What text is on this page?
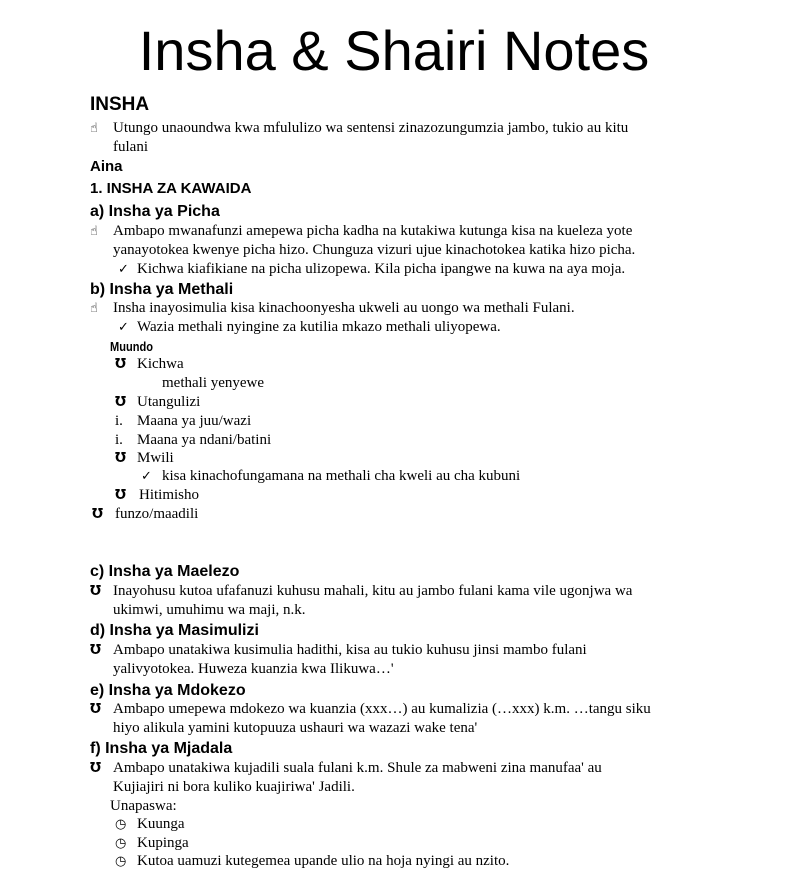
Insha & Shairi Notes
INSHA
☝ Utungo unaoundwa kwa mfululizo wa sentensi zinazozungumzia jambo, tukio au kitu
fulani
Aina
1. INSHA ZA KAWAIDA
a) Insha ya Picha
☝ Ambapo mwanafunzi amepewa picha kadha na kutakiwa kutunga kisa na kueleza yote
yanayotokea kwenye picha hizo. Chunguza vizuri ujue kinachotokea katika hizo picha.
✓ Kichwa kiafikiane na picha ulizopewa. Kila picha ipangwe na kuwa na aya moja.
b) Insha ya Methali
☝ Insha inayosimulia kisa kinachoonyesha ukweli au uongo wa methali Fulani.
✓ Wazia methali nyingine za kutilia mkazo methali uliyopewa.
Muundo
Ʊ Kichwa
methali yenyewe
Ʊ Utangulizi
i. Maana ya juu/wazi
i. Maana ya ndani/batini
Ʊ Mwili
✓ kisa kinachofungamana na methali cha kweli au cha kubuni
Ʊ Hitimisho
Ʊ funzo/maadili
c) Insha ya Maelezo
Ʊ Inayohusu kutoa ufafanuzi kuhusu mahali, kitu au jambo fulani kama vile ugonjwa wa
ukimwi, umuhimu wa maji, n.k.
d) Insha ya Masimulizi
Ʊ Ambapo unatakiwa kusimulia hadithi, kisa au tukio kuhusu jinsi mambo fulani
yalivyotokea. Huweza kuanzia kwa Ilikuwa…'
e) Insha ya Mdokezo
Ʊ Ambapo umepewa mdokezo wa kuanzia (xxx…) au kumalizia (…xxx) k.m. …tangu siku
hiyo alikula yamini kutopuuza ushauri wa wazazi wake tena'
f) Insha ya Mjadala
Ʊ Ambapo unatakiwa kujadili suala fulani k.m. Shule za mabweni zina manufaa' au
Kujiajiri ni bora kuliko kuajiriwa' Jadili.
Unapaswa:
◷ Kuunga
◷ Kupinga
◷ Kutoa uamuzi kutegemea upande ulio na hoja nyingi au nzito.
